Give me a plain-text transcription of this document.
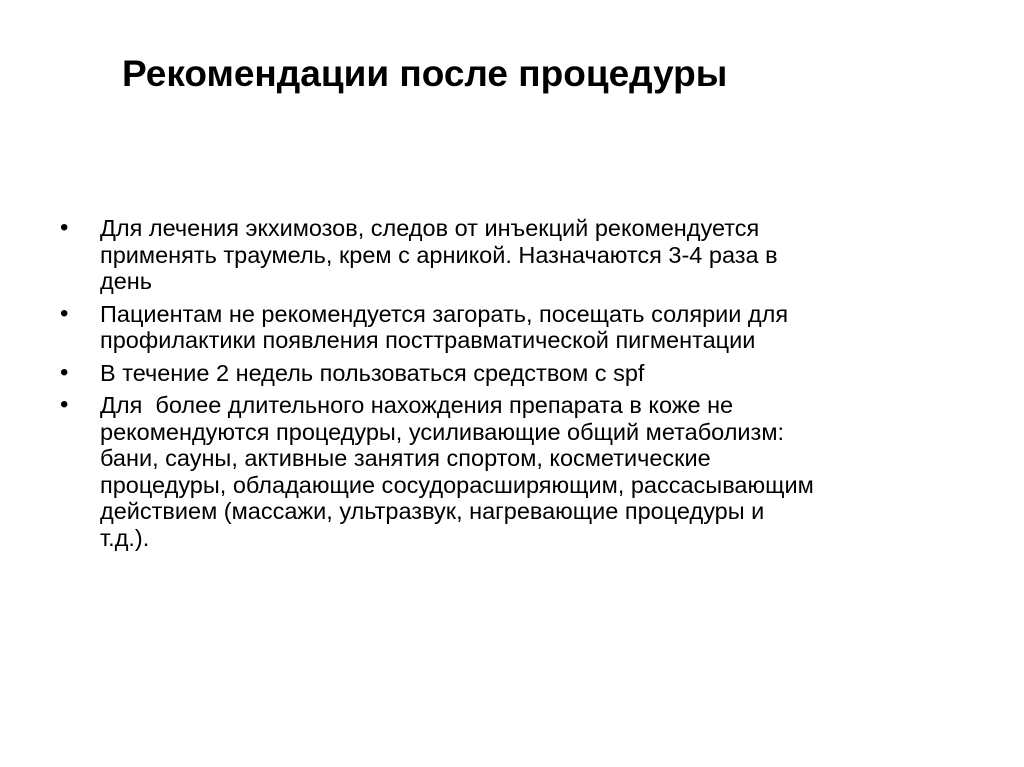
Рекомендации после процедуры
•	Для лечения экхимозов, следов от инъекций рекомендуется
применять траумель, крем с арникой. Назначаются 3-4 раза в
день
•	Пациентам не рекомендуется загорать, посещать солярии для
профилактики появления посттравматической пигментации
•	В течение 2 недель пользоваться средством с spf
•	Для  более длительного нахождения препарата в коже не
рекомендуются процедуры, усиливающие общий метаболизм:
бани, сауны, активные занятия спортом, косметические
процедуры, обладающие сосудорасширяющим, рассасывающим
действием (массажи, ультразвук, нагревающие процедуры и
т.д.).
